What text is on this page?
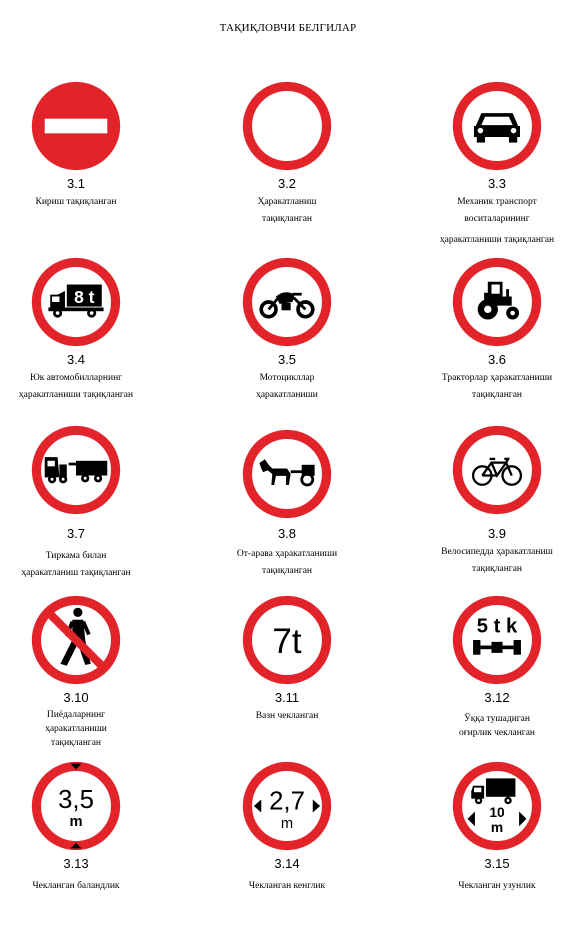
ТАҚИҚЛОВЧИ БЕЛГИЛАР
3.1
Кириш тақиқланган
3.2
Ҳаракатланиш
тақиқланган
3.3
Механик транспорт
воситаларининг
ҳаракатланиши тақиқланган
8 t
3.4
Юк автомобилларнинг
ҳаракатланиши тақиқланган
3.5
Мотоцикллар
ҳаракатланиши
3.6
Тракторлар ҳаракатланиши
тақиқланган
3.7
Тиркама билан
ҳаракатланиш тақиқланган
3.8
От-арава ҳаракатланиши
тақиқланган
3.9
Велосипедда ҳаракатланиш
тақиқланган
3.10
Пиёдаларнинг
ҳаракатланиши
тақиқланган
7t
3.11
Вазн чекланган
5 t k
3.12
Ўққа тушадиган
оғирлик чекланган
3,5
m
3.13
Чекланган баландлик
2,7
m
3.14
Чекланган кенглик
10
m
3.15
Чекланган узунлик
